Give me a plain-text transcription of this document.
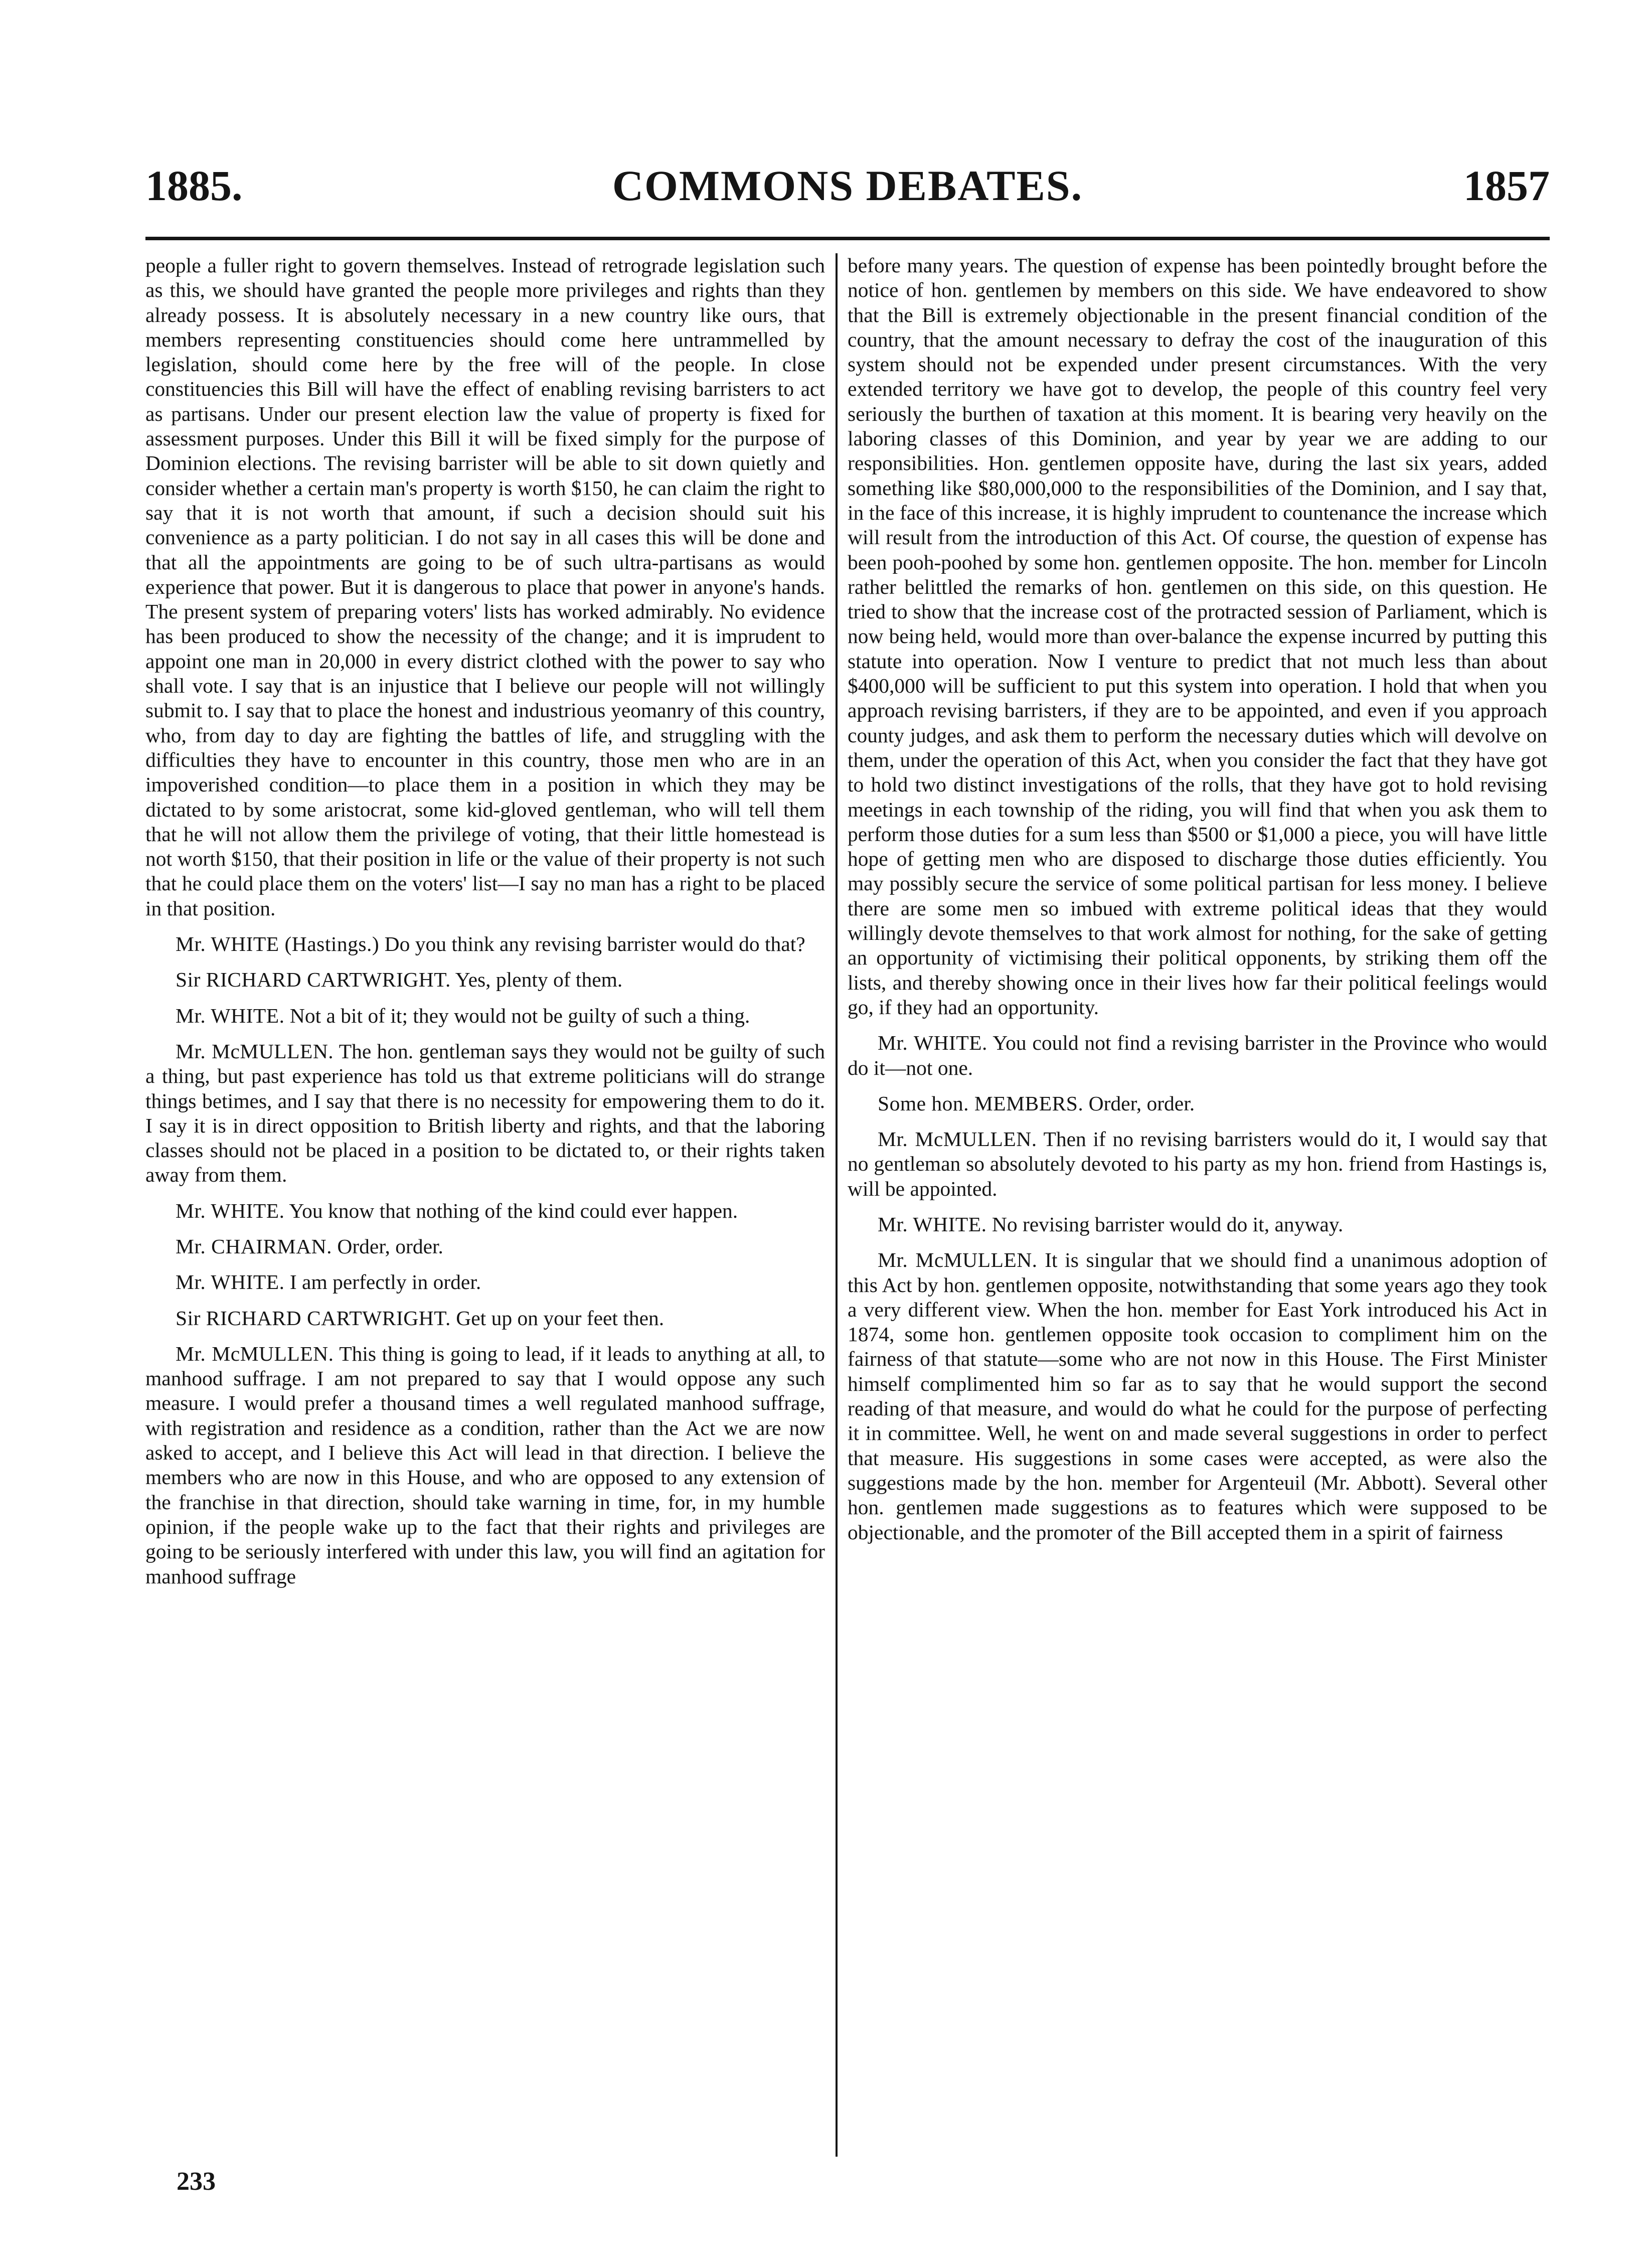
1885.	COMMONS DEBATES.	1857

people a fuller right to govern themselves. Instead of retrograde legislation such as this, we should have granted the people more privileges and rights than they already possess. It is absolutely necessary in a new country like ours, that members representing constituencies should come here untrammelled by legislation, should come here by the free will of the people. In close constituencies this Bill will have the effect of enabling revising barristers to act as partisans. Under our present election law the value of property is fixed for assessment purposes. Under this Bill it will be fixed simply for the purpose of Dominion elections. The revising barrister will be able to sit down quietly and consider whether a certain man's property is worth $150, he can claim the right to say that it is not worth that amount, if such a decision should suit his convenience as a party politician. I do not say in all cases this will be done and that all the appointments are going to be of such ultra-partisans as would experience that power. But it is dangerous to place that power in anyone's hands. The present system of preparing voters' lists has worked admirably. No evidence has been produced to show the necessity of the change; and it is imprudent to appoint one man in 20,000 in every district clothed with the power to say who shall vote. I say that is an injustice that I believe our people will not willingly submit to. I say that to place the honest and industrious yeomanry of this country, who, from day to day are fighting the battles of life, and struggling with the difficulties they have to encounter in this country, those men who are in an impoverished condition—to place them in a position in which they may be dictated to by some aristocrat, some kid-gloved gentleman, who will tell them that he will not allow them the privilege of voting, that their little homestead is not worth $150, that their position in life or the value of their property is not such that he could place them on the voters' list—I say no man has a right to be placed in that position.

Mr. WHITE (Hastings.) Do you think any revising barrister would do that?

Sir RICHARD CARTWRIGHT. Yes, plenty of them.

Mr. WHITE. Not a bit of it; they would not be guilty of such a thing.

Mr. McMULLEN. The hon. gentleman says they would not be guilty of such a thing, but past experience has told us that extreme politicians will do strange things betimes, and I say that there is no necessity for empowering them to do it. I say it is in direct opposition to British liberty and rights, and that the laboring classes should not be placed in a position to be dictated to, or their rights taken away from them.

Mr. WHITE. You know that nothing of the kind could ever happen.

Mr. CHAIRMAN. Order, order.

Mr. WHITE. I am perfectly in order.

Sir RICHARD CARTWRIGHT. Get up on your feet then.

Mr. McMULLEN. This thing is going to lead, if it leads to anything at all, to manhood suffrage. I am not prepared to say that I would oppose any such measure. I would prefer a thousand times a well regulated manhood suffrage, with registration and residence as a condition, rather than the Act we are now asked to accept, and I believe this Act will lead in that direction. I believe the members who are now in this House, and who are opposed to any extension of the franchise in that direction, should take warning in time, for, in my humble opinion, if the people wake up to the fact that their rights and privileges are going to be seriously interfered with under this law, you will find an agitation for manhood suffrage

before many years. The question of expense has been pointedly brought before the notice of hon. gentlemen by members on this side. We have endeavored to show that the Bill is extremely objectionable in the present financial condition of the country, that the amount necessary to defray the cost of the inauguration of this system should not be expended under present circumstances. With the very extended territory we have got to develop, the people of this country feel very seriously the burthen of taxation at this moment. It is bearing very heavily on the laboring classes of this Dominion, and year by year we are adding to our responsibilities. Hon. gentlemen opposite have, during the last six years, added something like $80,000,000 to the responsibilities of the Dominion, and I say that, in the face of this increase, it is highly imprudent to countenance the increase which will result from the introduction of this Act. Of course, the question of expense has been pooh-poohed by some hon. gentlemen opposite. The hon. member for Lincoln rather belittled the remarks of hon. gentlemen on this side, on this question. He tried to show that the increase cost of the protracted session of Parliament, which is now being held, would more than over-balance the expense incurred by putting this statute into operation. Now I venture to predict that not much less than about $400,000 will be sufficient to put this system into operation. I hold that when you approach revising barristers, if they are to be appointed, and even if you approach county judges, and ask them to perform the necessary duties which will devolve on them, under the operation of this Act, when you consider the fact that they have got to hold two distinct investigations of the rolls, that they have got to hold revising meetings in each township of the riding, you will find that when you ask them to perform those duties for a sum less than $500 or $1,000 a piece, you will have little hope of getting men who are disposed to discharge those duties efficiently. You may possibly secure the service of some political partisan for less money. I believe there are some men so imbued with extreme political ideas that they would willingly devote themselves to that work almost for nothing, for the sake of getting an opportunity of victimising their political opponents, by striking them off the lists, and thereby showing once in their lives how far their political feelings would go, if they had an opportunity.

Mr. WHITE. You could not find a revising barrister in the Province who would do it—not one.

Some hon. MEMBERS. Order, order.

Mr. McMULLEN. Then if no revising barristers would do it, I would say that no gentleman so absolutely devoted to his party as my hon. friend from Hastings is, will be appointed.

Mr. WHITE. No revising barrister would do it, anyway.

Mr. McMULLEN. It is singular that we should find a unanimous adoption of this Act by hon. gentlemen opposite, notwithstanding that some years ago they took a very different view. When the hon. member for East York introduced his Act in 1874, some hon. gentlemen opposite took occasion to compliment him on the fairness of that statute—some who are not now in this House. The First Minister himself complimented him so far as to say that he would support the second reading of that measure, and would do what he could for the purpose of perfecting it in committee. Well, he went on and made several suggestions in order to perfect that measure. His suggestions in some cases were accepted, as were also the suggestions made by the hon. member for Argenteuil (Mr. Abbott). Several other hon. gentlemen made suggestions as to features which were supposed to be objectionable, and the promoter of the Bill accepted them in a spirit of fairness

233
